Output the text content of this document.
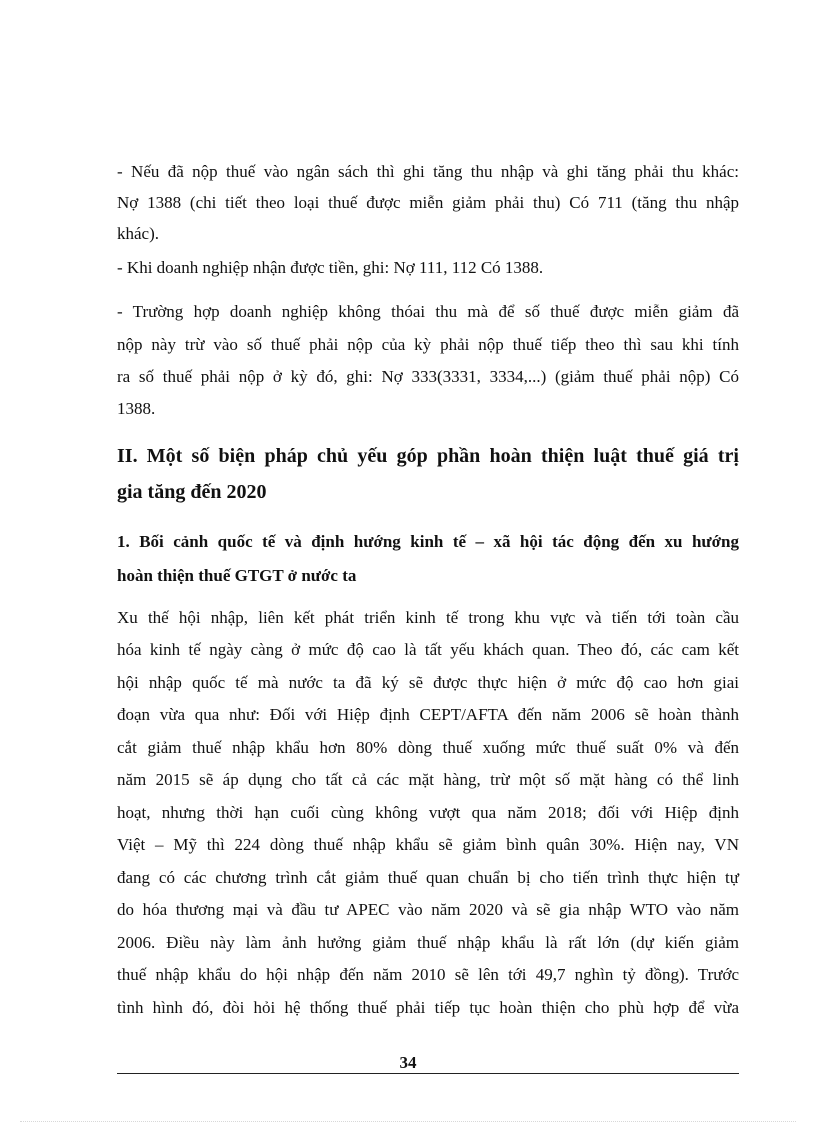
- Nếu đã nộp thuế vào ngân sách thì ghi tăng thu nhập và ghi tăng phải thu khác:
Nợ 1388 (chi tiết theo loại thuế được miễn giảm phải thu) Có 711 (tăng thu nhập
khác).
- Khi doanh nghiệp nhận được tiền, ghi: Nợ 111, 112 Có 1388.
- Trường hợp doanh nghiệp không thóai thu mà để số thuế được miễn giảm đã
nộp này trừ vào số thuế phải nộp của kỳ phải nộp thuế tiếp theo thì sau khi tính
ra số thuế phải nộp ở kỳ đó, ghi: Nợ 333(3331, 3334,...) (giảm thuế phải nộp) Có
1388.
II. Một số biện pháp chủ yếu góp phần hoàn thiện luật thuế giá trị
gia tăng đến 2020
1. Bối cảnh quốc tế và định hướng kinh tế – xã hội tác động đến xu hướng
hoàn thiện thuế GTGT ở nước ta
Xu thế hội nhập, liên kết phát triển kinh tế trong khu vực và tiến tới toàn cầu
hóa kinh tế ngày càng ở mức độ cao là tất yếu khách quan. Theo đó, các cam kết
hội nhập quốc tế mà nước ta đã ký sẽ được thực hiện ở mức độ cao hơn giai
đoạn vừa qua như: Đối với Hiệp định CEPT/AFTA đến năm 2006 sẽ hoàn thành
cắt giảm thuế nhập khẩu hơn 80% dòng thuế xuống mức thuế suất 0% và đến
năm 2015 sẽ áp dụng cho tất cả các mặt hàng, trừ một số mặt hàng có thể linh
hoạt, nhưng thời hạn cuối cùng không vượt qua năm 2018; đối với Hiệp định
Việt – Mỹ thì 224 dòng thuế nhập khẩu sẽ giảm bình quân 30%. Hiện nay, VN
đang có các chương trình cắt giảm thuế quan chuẩn bị cho tiến trình thực hiện tự
do hóa thương mại và đầu tư APEC vào năm 2020 và sẽ gia nhập WTO vào năm
2006. Điều này làm ảnh hưởng giảm thuế nhập khẩu là rất lớn (dự kiến giảm
thuế nhập khẩu do hội nhập đến năm 2010 sẽ lên tới 49,7 nghìn tỷ đồng). Trước
tình hình đó, đòi hỏi hệ thống thuế phải tiếp tục hoàn thiện cho phù hợp để vừa
34
